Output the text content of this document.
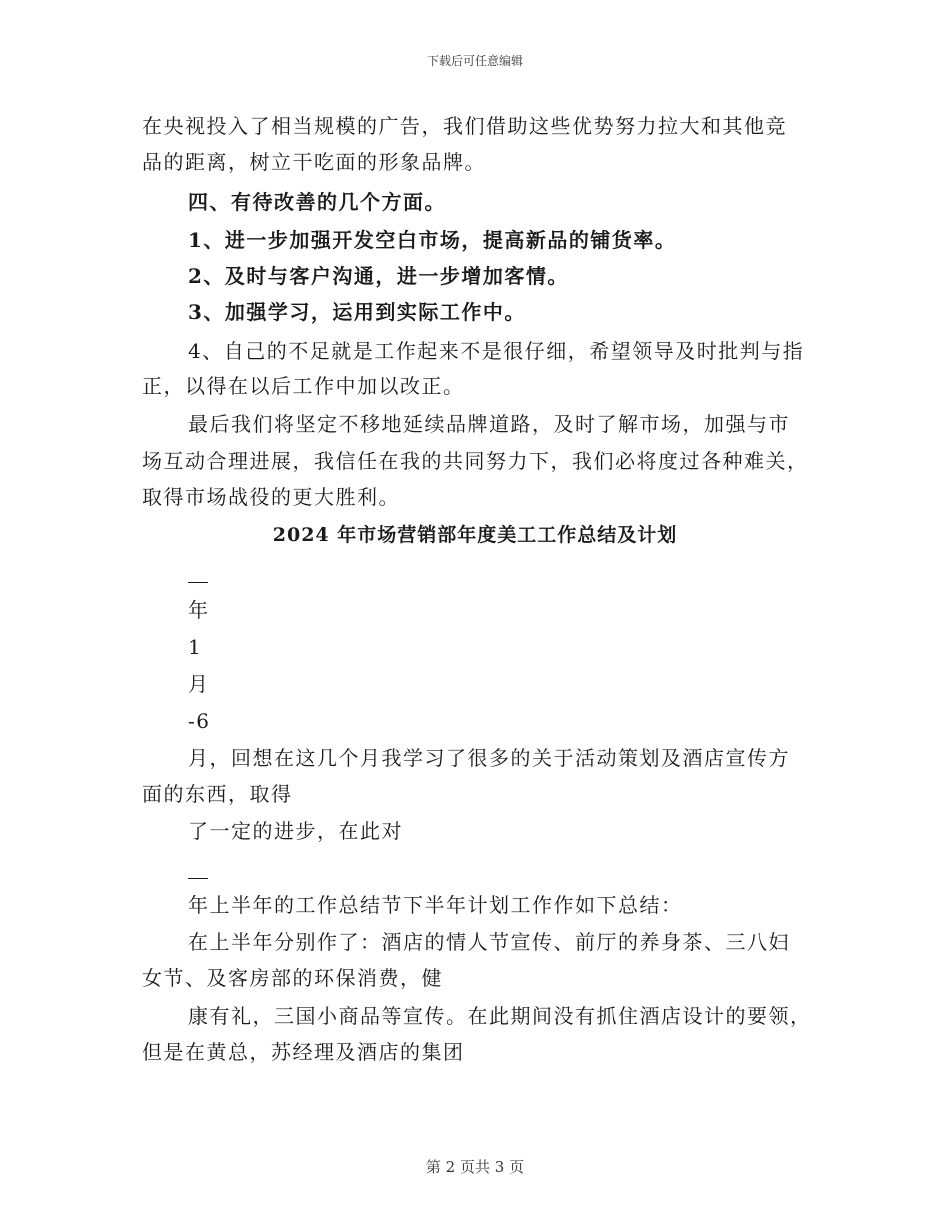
下载后可任意编辑
在央视投入了相当规模的广告，我们借助这些优势努力拉大和其他竞
品的距离，树立干吃面的形象品牌。
四、有待改善的几个方面。
1、进一步加强开发空白市场，提高新品的铺货率。
2、及时与客户沟通，进一步增加客情。
3、加强学习，运用到实际工作中。
4、自己的不足就是工作起来不是很仔细，希望领导及时批判与指
正，以得在以后工作中加以改正。
最后我们将坚定不移地延续品牌道路，及时了解市场，加强与市
场互动合理进展，我信任在我的共同努力下，我们必将度过各种难关，
取得市场战役的更大胜利。
2024 年市场营销部年度美工工作总结及计划
年
1
月
-6
月，回想在这几个月我学习了很多的关于活动策划及酒店宣传方
面的东西，取得
了一定的进步，在此对
年上半年的工作总结节下半年计划工作作如下总结：
在上半年分别作了：酒店的情人节宣传、前厅的养身茶、三八妇
女节、及客房部的环保消费，健
康有礼，三国小商品等宣传。在此期间没有抓住酒店设计的要领，
但是在黄总，苏经理及酒店的集团
第 2 页共 3 页
